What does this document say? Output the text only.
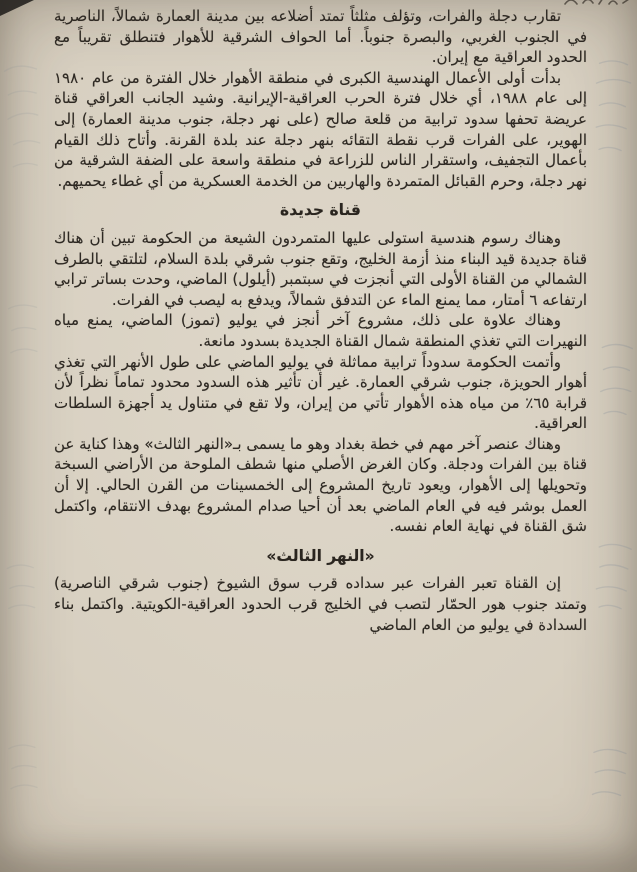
تقارب دجلة والفرات، وتؤلف مثلثاً تمتد أضلاعه بين مدينة العمارة شمالاً، الناصرية في الجنوب الغربي، والبصرة جنوباً. أما الحواف الشرقية للأهوار فتنطلق تقريباً مع الحدود العراقية مع إيران.

بدأت أولى الأعمال الهندسية الكبرى في منطقة الأهوار خلال الفترة من عام ١٩٨٠ إلى عام ١٩٨٨، أي خلال فترة الحرب العراقية-الإيرانية. وشيد الجانب العراقي قناة عريضة تحفها سدود ترابية من قلعة صالح (على نهر دجلة، جنوب مدينة العمارة) إلى الهوير، على الفرات قرب نقطة التقائه بنهر دجلة عند بلدة القرنة. وأتاح ذلك القيام بأعمال التجفيف، واستقرار الناس للزراعة في منطقة واسعة على الضفة الشرقية من نهر دجلة، وحرم القبائل المتمردة والهاربين من الخدمة العسكرية من أي غطاء يحميهم.

قناة جديدة

وهناك رسوم هندسية استولى عليها المتمردون الشيعة من الحكومة تبين أن هناك قناة جديدة قيد البناء منذ أزمة الخليج، وتقع جنوب شرقي بلدة السلام، لتلتقي بالطرف الشمالي من القناة الأولى التي أنجزت في سبتمبر (أيلول) الماضي، وحدت بساتر ترابي ارتفاعه ٦ أمتار، مما يمنع الماء عن التدفق شمالاً، ويدفع به ليصب في الفرات.

وهناك علاوة على ذلك، مشروع آخر أنجز في يوليو (تموز) الماضي، يمنع مياه النهيرات التي تغذي المنطقة شمال القناة الجديدة بسدود مانعة.

وأتمت الحكومة سدوداً ترابية مماثلة في يوليو الماضي على طول الأنهر التي تغذي أهوار الحويزة، جنوب شرقي العمارة. غير أن تأثير هذه السدود محدود تماماً نظراً لأن قرابة ٦٥٪ من مياه هذه الأهوار تأتي من إيران، ولا تقع في متناول يد أجهزة السلطات العراقية.

وهناك عنصر آخر مهم في خطة بغداد وهو ما يسمى بـ«النهر الثالث» وهذا كناية عن قناة بين الفرات ودجلة. وكان الغرض الأصلي منها شطف الملوحة من الأراضي السبخة وتحويلها إلى الأهوار، ويعود تاريخ المشروع إلى الخمسينات من القرن الحالي. إلا أن العمل بوشر فيه في العام الماضي بعد أن أحيا صدام المشروع بهدف الانتقام، واكتمل شق القناة في نهاية العام نفسه.

«النهر الثالث»

إن القناة تعبر الفرات عبر سداده قرب سوق الشيوخ (جنوب شرقي الناصرية) وتمتد جنوب هور الحمّار لتصب في الخليج قرب الحدود العراقية-الكويتية. واكتمل بناء السدادة في يوليو من العام الماضي
